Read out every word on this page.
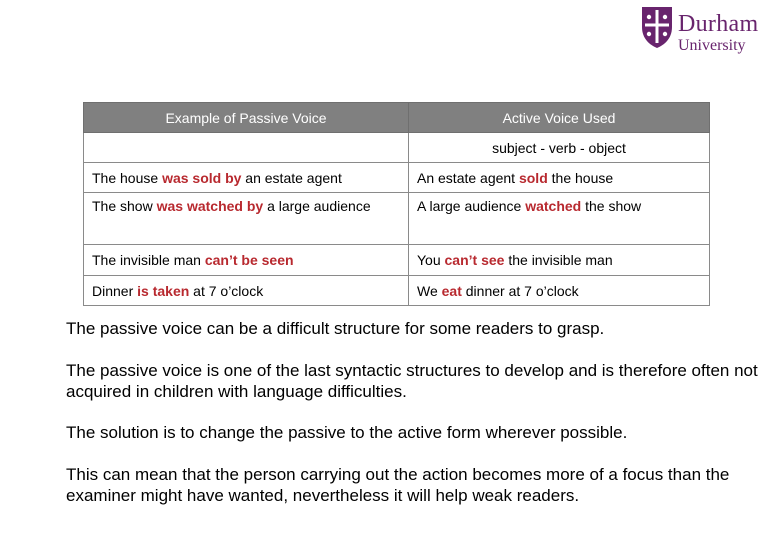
Durham
University
Example of Passive Voice	Active Voice Used
	subject - verb - object
The house was sold by an estate agent	An estate agent sold the house
The show was watched by a large audience	A large audience watched the show
The invisible man can’t be seen	You can’t see the invisible man
Dinner is taken at 7 o’clock	We eat dinner at 7 o’clock

The passive voice can be a difficult structure for some readers to grasp.

The passive voice is one of the last syntactic structures to develop and is therefore often not acquired in children with language difficulties.

The solution is to change the passive to the active form wherever possible.

This can mean that the person carrying out the action becomes more of a focus than the examiner might have wanted, nevertheless it will help weak readers.
